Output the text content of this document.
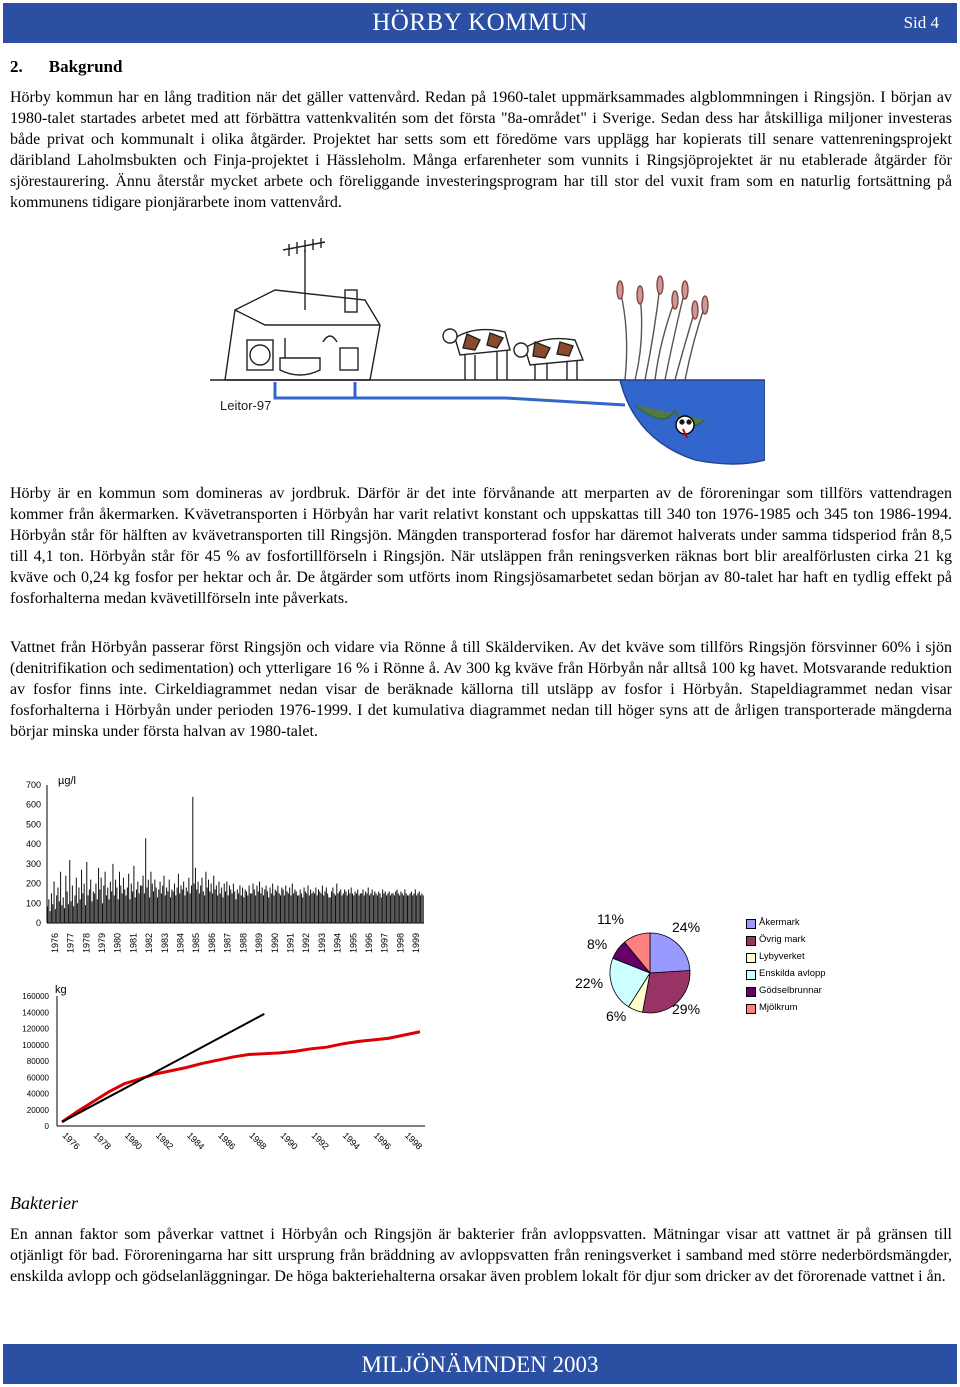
HÖRBY KOMMUN	Sid 4
2. Bakgrund

Hörby kommun har en lång tradition när det gäller vattenvård. Redan på 1960-talet uppmärksammades algblommningen i Ringsjön. I början av 1980-talet startades arbetet med att förbättra vattenkvalitén som det första "8a-området" i Sverige. Sedan dess har åtskilliga miljoner investeras både privat och kommunalt i olika åtgärder. Projektet har setts som ett föredöme vars upplägg har kopierats till senare vattenreningsprojekt däribland Laholmsbukten och Finja-projektet i Hässleholm. Många erfarenheter som vunnits i Ringsjöprojektet är nu etablerade åtgärder för sjörestaurering. Ännu återstår mycket arbete och föreliggande investeringsprogram har till stor del vuxit fram som en naturlig fortsättning på kommunens tidigare pionjärarbete inom vattenvård.

Leitor-97

Hörby är en kommun som domineras av jordbruk. Därför är det inte förvånande att merparten av de föroreningar som tillförs vattendragen kommer från åkermarken. Kvävetransporten i Hörbyån har varit relativt konstant och uppskattas till 340 ton 1976-1985 och 345 ton 1986-1994. Hörbyån står för hälften av kvävetransporten till Ringsjön. Mängden transporterad fosfor har däremot halverats under samma tidsperiod från 8,5 till 4,1 ton. Hörbyån står för 45 % av fosfortillförseln i Ringsjön. När utsläppen från reningsverken räknas bort blir arealförlusten cirka 21 kg kväve och 0,24 kg fosfor per hektar och år. De åtgärder som utförts inom Ringsjösamarbetet sedan början av 80-talet har haft en tydlig effekt på fosforhalterna medan kvävetillförseln inte påverkats.

Vattnet från Hörbyån passerar först Ringsjön och vidare via Rönne å till Skälderviken. Av det kväve som tillförs Ringsjön försvinner 60% i sjön (denitrifikation och sedimentation) och ytterligare 16 % i Rönne å. Av 300 kg kväve från Hörbyån når alltså 100 kg havet. Motsvarande reduktion av fosfor finns inte. Cirkeldiagrammet nedan visar de beräknade källorna till utsläpp av fosfor i Hörbyån. Stapeldiagrammet nedan visar fosforhalterna i Hörbyån under perioden 1976-1999. I det kumulativa diagrammet nedan till höger syns att de årligen transporterade mängderna börjar minska under första halvan av 1980-talet.

µg/l
0
100
200
300
400
500
600
700
1976 1977 1978 1979 1980 1981 1982 1983 1984 1985 1986 1987 1988 1989 1990 1991 1992 1993 1994 1995 1996 1997 1998 1999
11%	24%
29%
6%
22%
8%
Åkermark
Övrig mark
Lybyverket
Enskilda avlopp
Gödselbrunnar
Mjölkrum
kg
0
20000
40000
60000
80000
100000
120000
140000
160000
1976 1978 1980 1982 1984 1986 1988 1990 1992 1994 1996 1998
Bakterier

En annan faktor som påverkar vattnet i Hörbyån och Ringsjön är bakterier från avloppsvatten. Mätningar visar att vattnet är på gränsen till otjänligt för bad. Föroreningarna har sitt ursprung från bräddning av avloppsvatten från reningsverket i samband med större nederbördsmängder, enskilda avlopp och gödselanläggningar. De höga bakteriehalterna orsakar även problem lokalt för djur som dricker av det förorenade vattnet i ån.

MILJÖNÄMNDEN 2003
